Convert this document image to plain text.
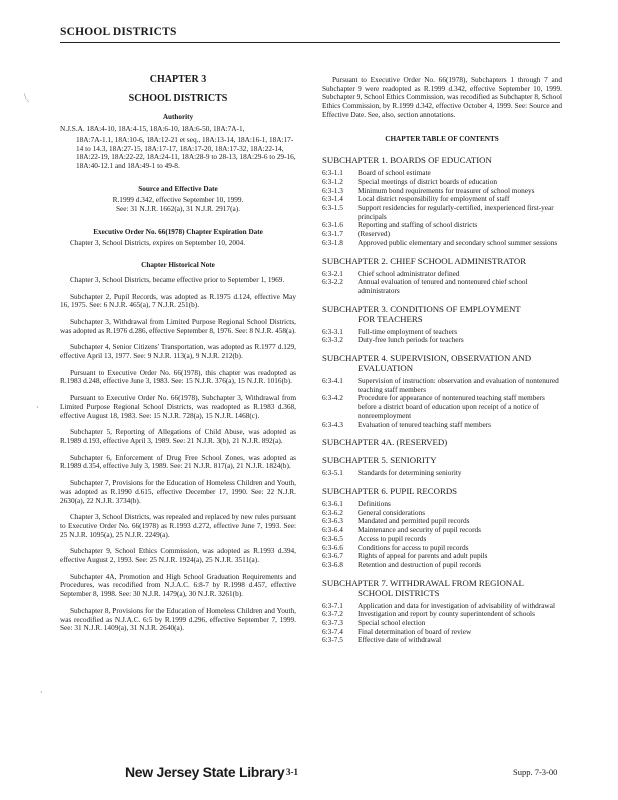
SCHOOL DISTRICTS
\ˎ
ˏ
ˏ
CHAPTER 3
SCHOOL DISTRICTS
Authority
N.J.S.A. 18A:4-10, 18A:4-15, 18A:6-10, 18A:6-50, 18A:7A-1,
18A:7A-1.1, 18A:10-6, 18A:12-21 et seq., 18A:13-14, 18A:16-1, 18A:17-14 to 14.3, 18A:27-15, 18A:17-17, 18A:17-20, 18A:17-32, 18A:22-14, 18A:22-19, 18A:22-22, 18A:24-11, 18A:28-9 to 28-13, 18A:29-6 to 29-16, 18A:40-12.1 and 18A:49-1 to 49-8.
Source and Effective Date
R.1999 d.342, effective September 10, 1999.
See: 31 N.J.R. 1662(a), 31 N.J.R. 2917(a).
Executive Order No. 66(1978) Chapter Expiration Date
Chapter 3, School Districts, expires on September 10, 2004.
Chapter Historical Note

Chapter 3, School Districts, became effective prior to September 1, 1969.

Subchapter 2, Pupil Records, was adopted as R.1975 d.124, effective May 16, 1975. See: 6 N.J.R. 465(a), 7 N.J.R. 251(b).

Subchapter 3, Withdrawal from Limited Purpose Regional School Districts, was adopted as R.1976 d.286, effective September 8, 1976. See: 8 N.J.R. 458(a).

Subchapter 4, Senior Citizens' Transportation, was adopted as R.1977 d.129, effective April 13, 1977. See: 9 N.J.R. 113(a), 9 N.J.R. 212(b).

Pursuant to Executive Order No. 66(1978), this chapter was readopted as R.1983 d.248, effective June 3, 1983. See: 15 N.J.R. 376(a), 15 N.J.R. 1016(b).

Pursuant to Executive Order No. 66(1978), Subchapter 3, Withdrawal from Limited Purpose Regional School Districts, was readopted as R.1983 d.368, effective August 18, 1983. See: 15 N.J.R. 728(a), 15 N.J.R. 1468(c).

Subchapter 5, Reporting of Allegations of Child Abuse, was adopted as R.1989 d.193, effective April 3, 1989. See: 21 N.J.R. 3(b), 21 N.J.R. 892(a).

Subchapter 6, Enforcement of Drug Free School Zones, was adopted as R.1989 d.354, effective July 3, 1989. See: 21 N.J.R. 817(a), 21 N.J.R. 1824(b).

Subchapter 7, Provisions for the Education of Homeless Children and Youth, was adopted as R.1990 d.615, effective December 17, 1990. See: 22 N.J.R. 2630(a), 22 N.J.R. 3734(b).

Chapter 3, School Districts, was repealed and replaced by new rules pursuant to Executive Order No. 66(1978) as R.1993 d.272, effective June 7, 1993. See: 25 N.J.R. 1095(a), 25 N.J.R. 2249(a).

Subchapter 9, School Ethics Commission, was adopted as R.1993 d.394, effective August 2, 1993. See: 25 N.J.R. 1924(a), 25 N.J.R. 3511(a).

Subchapter 4A, Promotion and High School Graduation Requirements and Procedures, was recodified from N.J.A.C. 6:8-7 by R.1998 d.457, effective September 8, 1998. See: 30 N.J.R. 1479(a), 30 N.J.R. 3261(b).

Subchapter 8, Provisions for the Education of Homeless Children and Youth, was recodified as N.J.A.C. 6:5 by R.1999 d.296, effective September 7, 1999. See: 31 N.J.R. 1409(a), 31 N.J.R. 2640(a).

Pursuant to Executive Order No. 66(1978), Subchapters 1 through 7 and Subchapter 9 were readopted as R.1999 d.342, effective September 10, 1999. Subchapter 9, School Ethics Commission, was recodified as Subchapter 8, School Ethics Commission, by R.1999 d.342, effective October 4, 1999. See: Source and Effective Date. See, also, section annotations.

CHAPTER TABLE OF CONTENTS
SUBCHAPTER 1. BOARDS OF EDUCATION
6:3-1.1	Board of school estimate
6:3-1.2	Special meetings of district boards of education
6:3-1.3	Minimum bond requirements for treasurer of school moneys
6:3-1.4	Local district responsibility for employment of staff
6:3-1.5	Support residencies for regularly-certified, inexperienced first-year principals
6:3-1.6	Reporting and staffing of school districts
6:3-1.7	(Reserved)
6:3-1.8	Approved public elementary and secondary school summer sessions
SUBCHAPTER 2. CHIEF SCHOOL ADMINISTRATOR
6:3-2.1	Chief school administrator defined
6:3-2.2	Annual evaluation of tenured and nontenured chief school administrators
SUBCHAPTER 3. CONDITIONS OF EMPLOYMENT
FOR TEACHERS
6:3-3.1	Full-time employment of teachers
6:3-3.2	Duty-free lunch periods for teachers
SUBCHAPTER 4. SUPERVISION, OBSERVATION AND
EVALUATION
6:3-4.1	Supervision of instruction: observation and evaluation of nontenured teaching staff members
6:3-4.2	Procedure for appearance of nontenured teaching staff members before a district board of education upon receipt of a notice of nonreemployment
6:3-4.3	Evaluation of tenured teaching staff members
SUBCHAPTER 4A. (RESERVED)
SUBCHAPTER 5. SENIORITY
6:3-5.1	Standards for determining seniority
SUBCHAPTER 6. PUPIL RECORDS
6:3-6.1	Definitions
6:3-6.2	General considerations
6:3-6.3	Mandated and permitted pupil records
6:3-6.4	Maintenance and security of pupil records
6:3-6.5	Access to pupil records
6:3-6.6	Conditions for access to pupil records
6:3-6.7	Rights of appeal for parents and adult pupils
6:3-6.8	Retention and destruction of pupil records
SUBCHAPTER 7. WITHDRAWAL FROM REGIONAL
SCHOOL DISTRICTS
6:3-7.1	Application and data for investigation of advisability of withdrawal
6:3-7.2	Investigation and report by county superintendent of schools
6:3-7.3	Special school election
6:3-7.4	Final determination of board of review
6:3-7.5	Effective date of withdrawal
New Jersey State Library 3-1	Supp. 7-3-00
